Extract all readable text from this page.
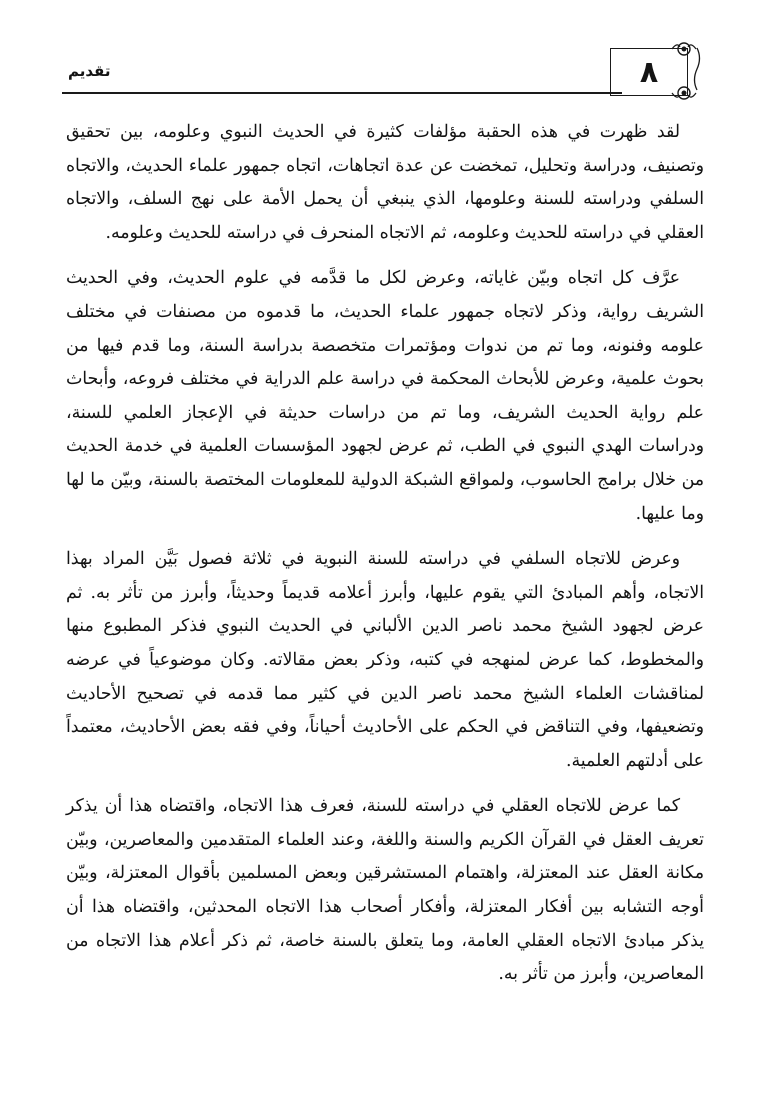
٨
تقديم

لقد ظهرت في هذه الحقبة مؤلفات كثيرة في الحديث النبوي وعلومه، بين تحقيق وتصنيف، ودراسة وتحليل، تمخضت عن عدة اتجاهات، اتجاه جمهور علماء الحديث، والاتجاه السلفي ودراسته للسنة وعلومها، الذي ينبغي أن يحمل الأمة على نهج السلف، والاتجاه العقلي في دراسته للحديث وعلومه، ثم الاتجاه المنحرف في دراسته للحديث وعلومه.

عرَّف كل اتجاه وبيّن غاياته، وعرض لكل ما قدَّمه في علوم الحديث، وفي الحديث الشريف رواية، وذكر لاتجاه جمهور علماء الحديث، ما قدموه من مصنفات في مختلف علومه وفنونه، وما تم من ندوات ومؤتمرات متخصصة بدراسة السنة، وما قدم فيها من بحوث علمية، وعرض للأبحاث المحكمة في دراسة علم الدراية في مختلف فروعه، وأبحاث علم رواية الحديث الشريف، وما تم من دراسات حديثة في الإعجاز العلمي للسنة، ودراسات الهدي النبوي في الطب، ثم عرض لجهود المؤسسات العلمية في خدمة الحديث من خلال برامج الحاسوب، ولمواقع الشبكة الدولية للمعلومات المختصة بالسنة، وبيّن ما لها وما عليها.

وعرض للاتجاه السلفي في دراسته للسنة النبوية في ثلاثة فصول بَيَّن المراد بهذا الاتجاه، وأهم المبادئ التي يقوم عليها، وأبرز أعلامه قديماً وحديثاً، وأبرز من تأثر به. ثم عرض لجهود الشيخ محمد ناصر الدين الألباني في الحديث النبوي فذكر المطبوع منها والمخطوط، كما عرض لمنهجه في كتبه، وذكر بعض مقالاته. وكان موضوعياً في عرضه لمناقشات العلماء الشيخ محمد ناصر الدين في كثير مما قدمه في تصحيح الأحاديث وتضعيفها، وفي التناقض في الحكم على الأحاديث أحياناً، وفي فقه بعض الأحاديث، معتمداً على أدلتهم العلمية.

كما عرض للاتجاه العقلي في دراسته للسنة، فعرف هذا الاتجاه، واقتضاه هذا أن يذكر تعريف العقل في القرآن الكريم والسنة واللغة، وعند العلماء المتقدمين والمعاصرين، وبيّن مكانة العقل عند المعتزلة، واهتمام المستشرقين وبعض المسلمين بأقوال المعتزلة، وبيّن أوجه التشابه بين أفكار المعتزلة، وأفكار أصحاب هذا الاتجاه المحدثين، واقتضاه هذا أن يذكر مبادئ الاتجاه العقلي العامة، وما يتعلق بالسنة خاصة، ثم ذكر أعلام هذا الاتجاه من المعاصرين، وأبرز من تأثر به.
